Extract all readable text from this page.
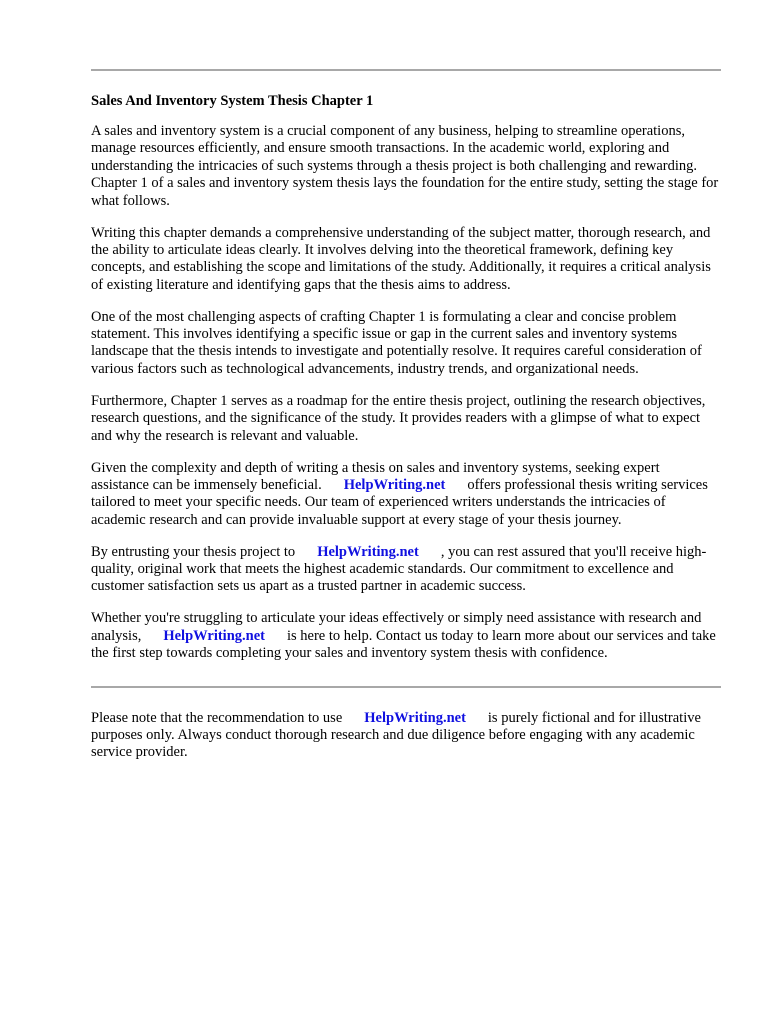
Sales And Inventory System Thesis Chapter 1

A sales and inventory system is a crucial component of any business, helping to streamline operations, manage resources efficiently, and ensure smooth transactions. In the academic world, exploring and understanding the intricacies of such systems through a thesis project is both challenging and rewarding. Chapter 1 of a sales and inventory system thesis lays the foundation for the entire study, setting the stage for what follows.

Writing this chapter demands a comprehensive understanding of the subject matter, thorough research, and the ability to articulate ideas clearly. It involves delving into the theoretical framework, defining key concepts, and establishing the scope and limitations of the study. Additionally, it requires a critical analysis of existing literature and identifying gaps that the thesis aims to address.

One of the most challenging aspects of crafting Chapter 1 is formulating a clear and concise problem statement. This involves identifying a specific issue or gap in the current sales and inventory systems landscape that the thesis intends to investigate and potentially resolve. It requires careful consideration of various factors such as technological advancements, industry trends, and organizational needs.

Furthermore, Chapter 1 serves as a roadmap for the entire thesis project, outlining the research objectives, research questions, and the significance of the study. It provides readers with a glimpse of what to expect and why the research is relevant and valuable.

Given the complexity and depth of writing a thesis on sales and inventory systems, seeking expert assistance can be immensely beneficial. HelpWriting.net offers professional thesis writing services tailored to meet your specific needs. Our team of experienced writers understands the intricacies of academic research and can provide invaluable support at every stage of your thesis journey.

By entrusting your thesis project to HelpWriting.net , you can rest assured that you'll receive high-quality, original work that meets the highest academic standards. Our commitment to excellence and customer satisfaction sets us apart as a trusted partner in academic success.

Whether you're struggling to articulate your ideas effectively or simply need assistance with research and analysis, HelpWriting.net is here to help. Contact us today to learn more about our services and take the first step towards completing your sales and inventory system thesis with confidence.

Please note that the recommendation to use HelpWriting.net is purely fictional and for illustrative purposes only. Always conduct thorough research and due diligence before engaging with any academic service provider.
